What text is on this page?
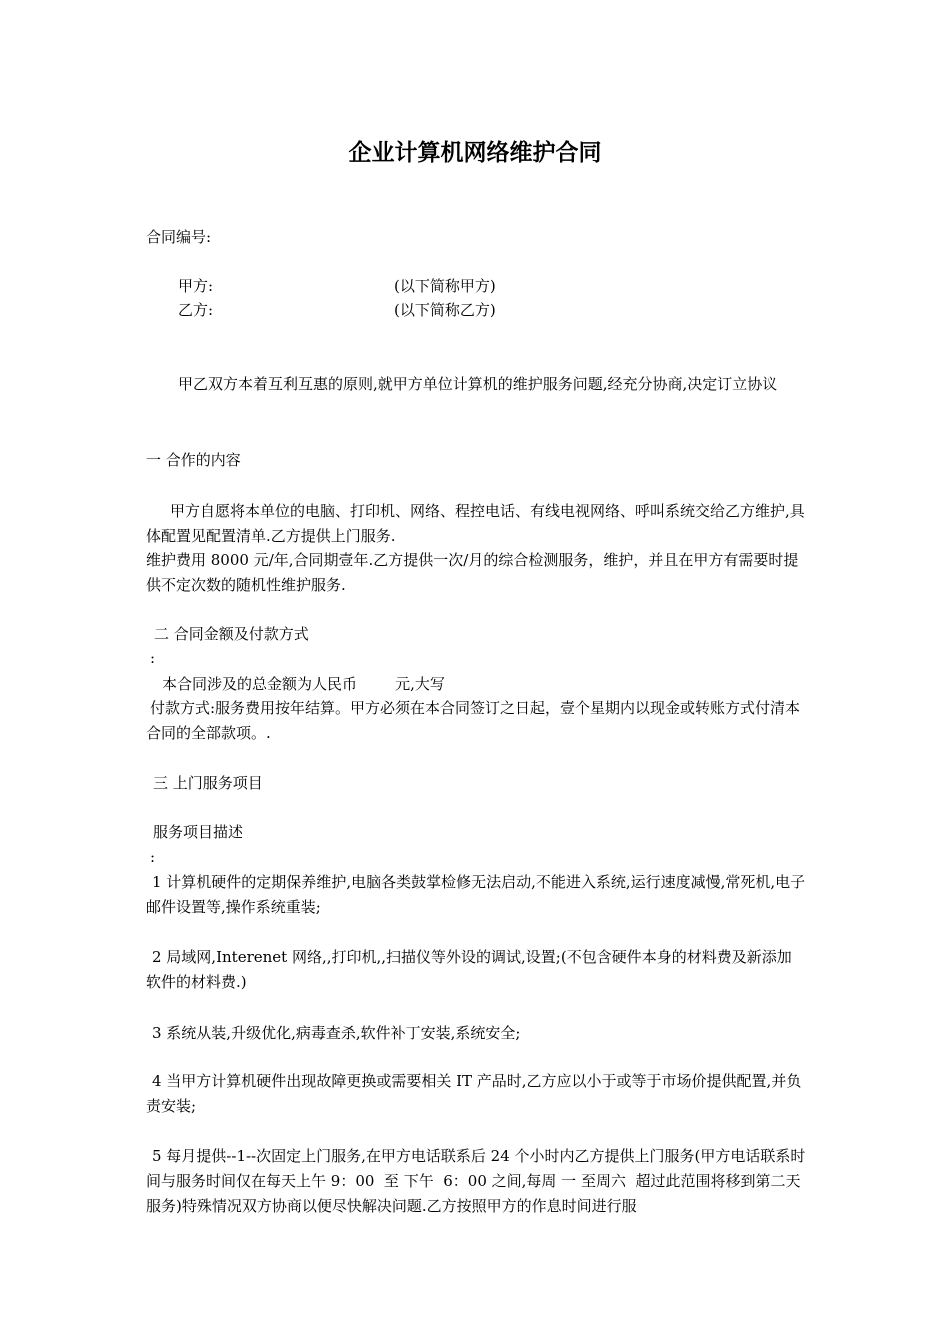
企业计算机网络维护合同
合同编号:
甲方:	(以下简称甲方)
乙方:	(以下简称乙方)
甲乙双方本着互利互惠的原则,就甲方单位计算机的维护服务问题,经充分协商,决定订立协议
一 合作的内容
甲方自愿将本单位的电脑、打印机、网络、程控电话、有线电视网络、呼叫系统交给乙方维护,具体配置见配置清单.乙方提供上门服务.
维护费用 8000 元/年,合同期壹年.乙方提供一次/月的综合检测服务，维护，并且在甲方有需要时提供不定次数的随机性维护服务.
二 合同金额及付款方式
:
本合同涉及的总金额为人民币        元,大写
付款方式:服务费用按年结算。甲方必须在本合同签订之日起，壹个星期内以现金或转账方式付清本合同的全部款项。.
三 上门服务项目
服务项目描述
:
1 计算机硬件的定期保养维护,电脑各类鼓掌检修无法启动,不能进入系统,运行速度减慢,常死机,电子邮件设置等,操作系统重装;
2 局域网,Interenet 网络,,打印机,,扫描仪等外设的调试,设置;(不包含硬件本身的材料费及新添加软件的材料费.)
3 系统从装,升级优化,病毒查杀,软件补丁安装,系统安全;
4 当甲方计算机硬件出现故障更换或需要相关 IT 产品时,乙方应以小于或等于市场价提供配置,并负责安装;
5 每月提供--1--次固定上门服务,在甲方电话联系后 24 个小时内乙方提供上门服务(甲方电话联系时间与服务时间仅在每天上午 9：00  至 下午  6：00 之间,每周 一 至周六  超过此范围将移到第二天服务)特殊情况双方协商以便尽快解决问题.乙方按照甲方的作息时间进行服
